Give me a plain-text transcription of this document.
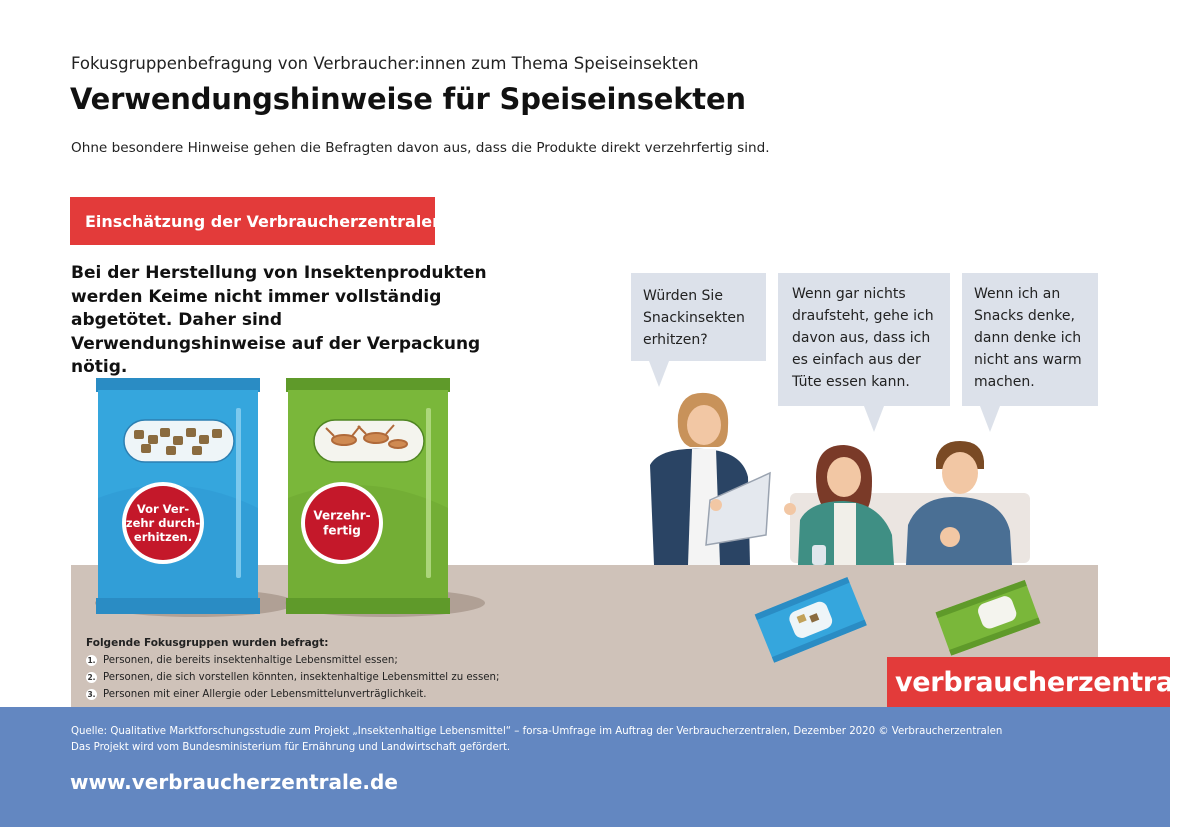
Fokusgruppenbefragung von Verbraucher:innen zum Thema Speiseinsekten
Verwendungshinweise für Speiseinsekten
Ohne besondere Hinweise gehen die Befragten davon aus, dass die Produkte direkt verzehrfertig sind.
Einschätzung der Verbraucherzentralen:
Bei der Herstellung von Insektenprodukten werden Keime nicht immer vollständig abgetötet. Daher sind Verwendungshinweise auf der Verpackung nötig.
Vor Ver-zehr durch-erhitzen.
Verzehr-fertig
Würden Sie Snackinsekten erhitzen?
Wenn gar nichts draufsteht, gehe ich davon aus, dass ich es einfach aus der Tüte essen kann.
Wenn ich an Snacks denke, dann denke ich nicht ans warm machen.
Folgende Fokusgruppen wurden befragt:
1. Personen, die bereits insektenhaltige Lebensmittel essen;
2. Personen, die sich vorstellen könnten, insektenhaltige Lebensmittel zu essen;
3. Personen mit einer Allergie oder Lebensmittelunverträglichkeit.	verbraucherzentrale
Quelle: Qualitative Marktforschungsstudie zum Projekt „Insektenhaltige Lebensmittel“ – forsa-Umfrage im Auftrag der Verbraucherzentralen, Dezember 2020 © Verbraucherzentralen
Das Projekt wird vom Bundesministerium für Ernährung und Landwirtschaft gefördert.
www.verbraucherzentrale.de
